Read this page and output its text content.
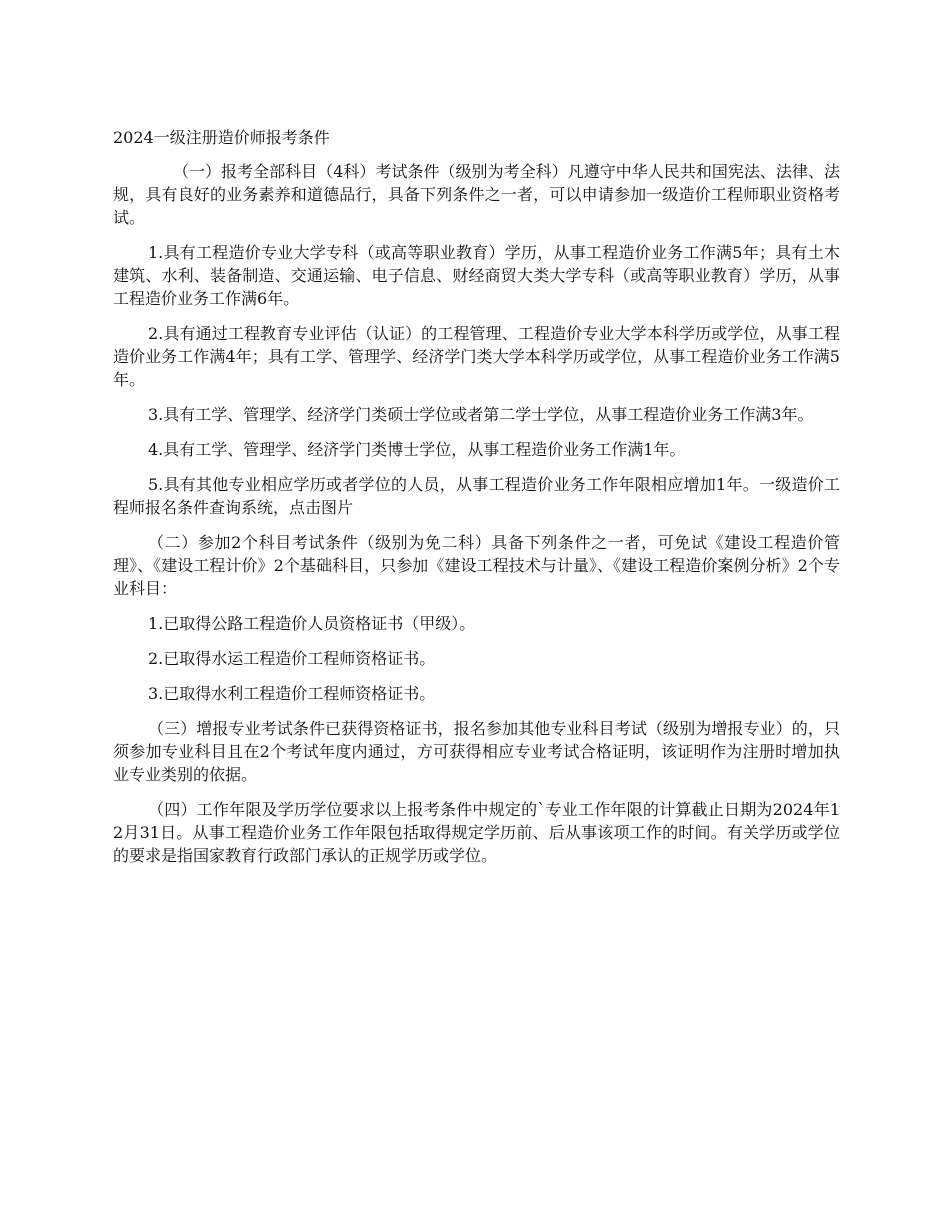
2024一级注册造价师报考条件

（一）报考全部科目（4科）考试条件（级别为考全科）凡遵守中华人民共和国宪法、法律、法规，具有良好的业务素养和道德品行，具备下列条件之一者，可以申请参加一级造价工程师职业资格考试。

1.具有工程造价专业大学专科（或高等职业教育）学历，从事工程造价业务工作满5年；具有土木建筑、水利、装备制造、交通运输、电子信息、财经商贸大类大学专科（或高等职业教育）学历，从事工程造价业务工作满6年。

2.具有通过工程教育专业评估（认证）的工程管理、工程造价专业大学本科学历或学位，从事工程造价业务工作满4年；具有工学、管理学、经济学门类大学本科学历或学位，从事工程造价业务工作满5年。

3.具有工学、管理学、经济学门类硕士学位或者第二学士学位，从事工程造价业务工作满3年。

4.具有工学、管理学、经济学门类博士学位，从事工程造价业务工作满1年。

5.具有其他专业相应学历或者学位的人员，从事工程造价业务工作年限相应增加1年。一级造价工程师报名条件查询系统，点击图片

（二）参加2个科目考试条件（级别为免二科）具备下列条件之一者，可免试《建设工程造价管理》、《建设工程计价》2个基础科目，只参加《建设工程技术与计量》、《建设工程造价案例分析》2个专业科目：

1.已取得公路工程造价人员资格证书（甲级）。

2.已取得水运工程造价工程师资格证书。

3.已取得水利工程造价工程师资格证书。

（三）增报专业考试条件已获得资格证书，报名参加其他专业科目考试（级别为增报专业）的，只须参加专业科目且在2个考试年度内通过，方可获得相应专业考试合格证明，该证明作为注册时增加执业专业类别的依据。

（四）工作年限及学历学位要求以上报考条件中规定的`专业工作年限的计算截止日期为2024年12月31日。从事工程造价业务工作年限包括取得规定学历前、后从事该项工作的时间。有关学历或学位的要求是指国家教育行政部门承认的正规学历或学位。
